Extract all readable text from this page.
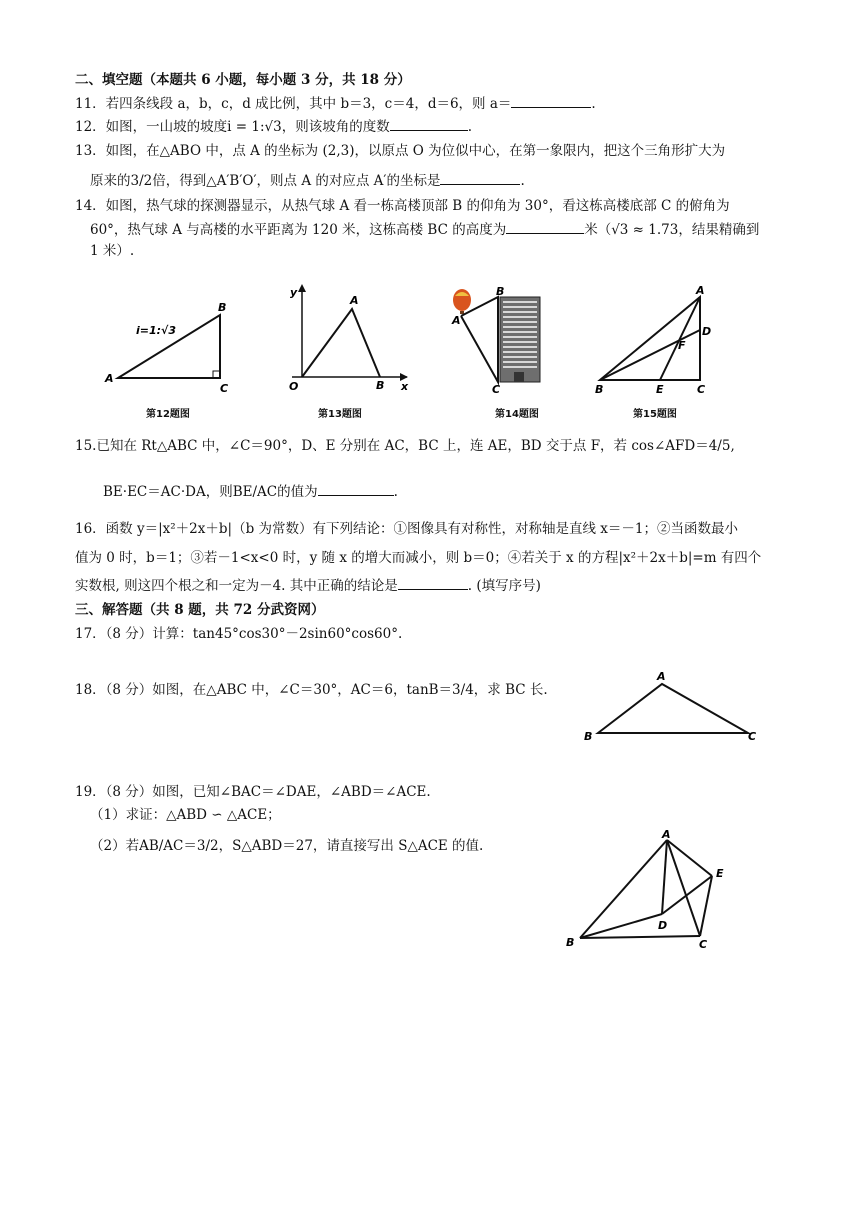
二、填空题（本题共 6 小题，每小题 3 分，共 18 分）
11．若四条线段 a，b，c，d 成比例，其中 b＝3，c＝4，d＝6，则 a＝	.
12．如图，一山坡的坡度i = 1:√3，则该坡角的度数	.
13．如图，在△ABO 中，点 A 的坐标为 (2,3)，以原点 O 为位似中心，在第一象限内，把这个三角形扩大为
原来的3/2倍，得到△A′B′O′，则点 A 的对应点 A′的坐标是	.
14．如图，热气球的探测器显示，从热气球 A 看一栋高楼顶部 B 的仰角为 30°，看这栋高楼底部 C 的俯角为
60°，热气球 A 与高楼的水平距离为 120 米，这栋高楼 BC 的高度为	米（√3 ≈ 1.73，结果精确到
1 米）.
i=1:√3
A
B
C
y
x
O
A
B
A
B
C
A
D
F
B	E	C
第12题图	第13题图	第14题图	第15题图
15.已知在 Rt△ABC 中，∠C＝90°，D、E 分别在 AC，BC 上，连 AE，BD 交于点 F，若 cos∠AFD＝4/5,
BE·EC＝AC·DA，则BE/AC的值为	.
16．函数 y＝|x²＋2x＋b|（b 为常数）有下列结论：①图像具有对称性，对称轴是直线 x＝－1；②当函数最小
值为 0 时，b＝1；③若－1<x<0 时，y 随 x 的增大而减小，则 b＝0；④若关于 x 的方程|x²＋2x＋b|=m 有四个
实数根, 则这四个根之和一定为－4. 其中正确的结论是	. (填写序号)
三、解答题（共 8 题，共 72 分武资网）
17．（8 分）计算：tan45°cos30°－2sin60°cos60°.
18．（8 分）如图，在△ABC 中，∠C＝30°，AC＝6，tanB＝3/4，求 BC 长.
A
B	C
19．（8 分）如图，已知∠BAC＝∠DAE，∠ABD＝∠ACE.
（1）求证：△ABD ∽ △ACE；
（2）若AB/AC＝3/2，S△ABD＝27，请直接写出 S△ACE 的值.
A
E
D
B	C
